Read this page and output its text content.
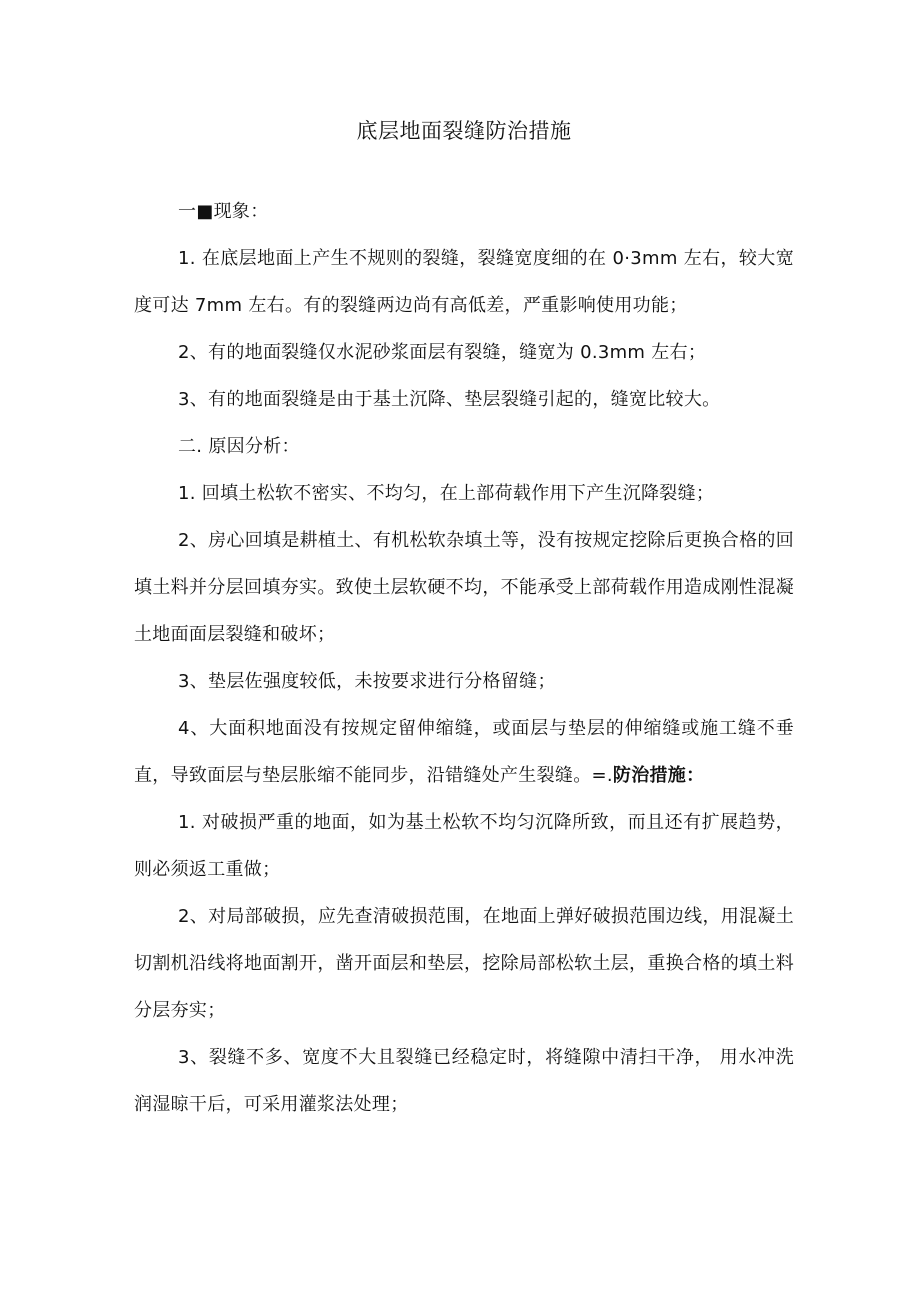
底层地面裂缝防治措施

一■现象：

1. 在底层地面上产生不规则的裂缝，裂缝宽度细的在 0·3mm 左右，较大宽度可达 7mm 左右。有的裂缝两边尚有高低差，严重影响使用功能；

2、有的地面裂缝仅水泥砂浆面层有裂缝，缝宽为 0.3mm 左右；

3、有的地面裂缝是由于基土沉降、垫层裂缝引起的，缝宽比较大。

二. 原因分析：

1. 回填土松软不密实、不均匀，在上部荷载作用下产生沉降裂缝；

2、房心回填是耕植土、有机松软杂填土等，没有按规定挖除后更换合格的回填土料并分层回填夯实。致使土层软硬不均，不能承受上部荷载作用造成刚性混凝土地面面层裂缝和破坏；

3、垫层佐强度较低，未按要求进行分格留缝；

4、大面积地面没有按规定留伸缩缝，或面层与垫层的伸缩缝或施工缝不垂直，导致面层与垫层胀缩不能同步，沿错缝处产生裂缝。=.防治措施：

1. 对破损严重的地面，如为基土松软不均匀沉降所致，而且还有扩展趋势，则必须返工重做；

2、对局部破损，应先查清破损范围，在地面上弹好破损范围边线，用混凝土切割机沿线将地面割开，凿开面层和垫层，挖除局部松软土层，重换合格的填土料分层夯实；

3、裂缝不多、宽度不大且裂缝已经稳定时，将缝隙中清扫干净， 用水冲洗润湿晾干后，可采用灌浆法处理；
